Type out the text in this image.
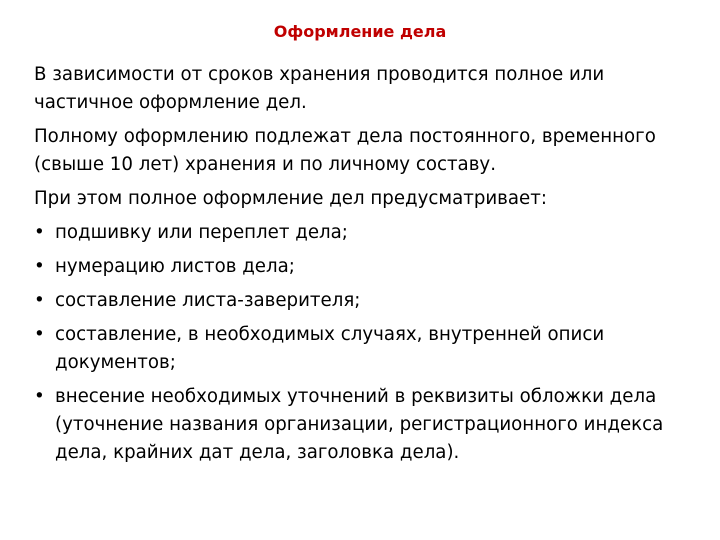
Оформление дела

В зависимости от сроков хранения проводится полное или частичное оформление дел.

Полному оформлению подлежат дела постоянного, временного (свыше 10 лет) хранения и по личному составу.

При этом полное оформление дел предусматривает:

• подшивку или переплет дела;
• нумерацию листов дела;
• составление листа-заверителя;
• составление, в необходимых случаях, внутренней описи документов;
• внесение необходимых уточнений в реквизиты обложки дела (уточнение названия организации, регистрационного индекса дела, крайних дат дела, заголовка дела).
